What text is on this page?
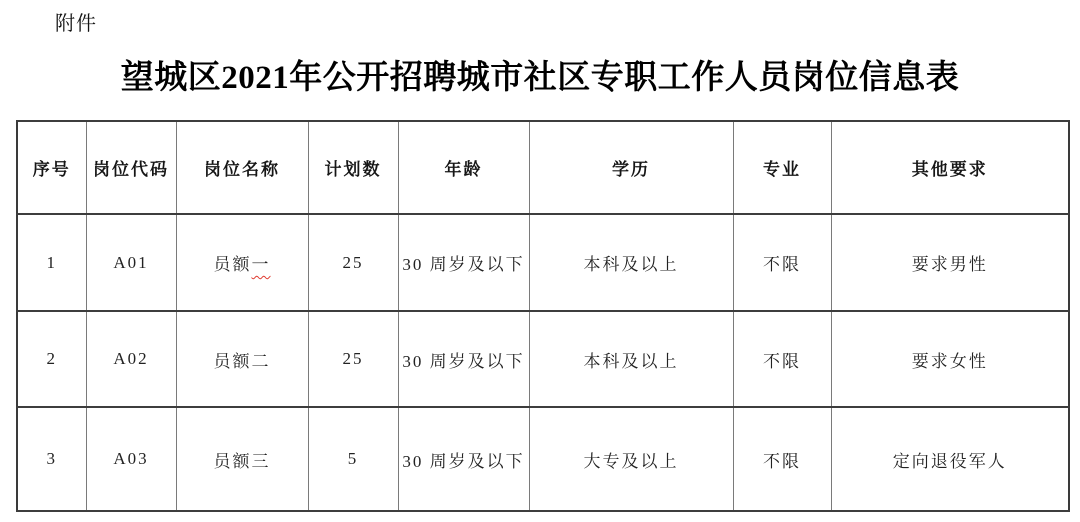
附件
望城区2021年公开招聘城市社区专职工作人员岗位信息表
序号	岗位代码	岗位名称	计划数	年龄	学历	专业	其他要求
1	A01	员额一	25	30 周岁及以下	本科及以上	不限	要求男性
2	A02	员额二	25	30 周岁及以下	本科及以上	不限	要求女性
3	A03	员额三	5	30 周岁及以下	大专及以上	不限	定向退役军人
